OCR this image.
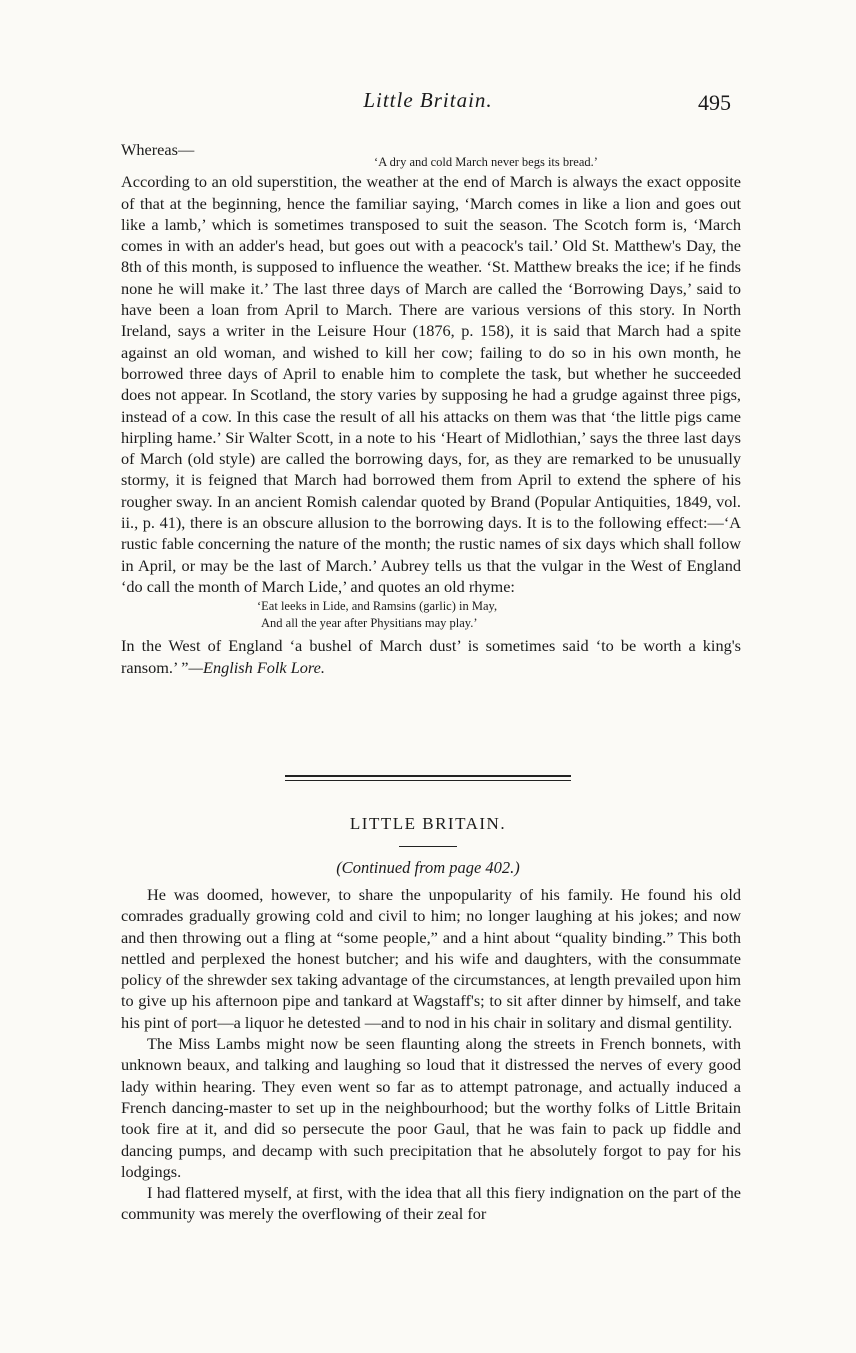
Little Britain.	495

Whereas—

‘A dry and cold March never begs its bread.’

According to an old superstition, the weather at the end of March is always the exact opposite of that at the beginning, hence the familiar saying, ‘March comes in like a lion and goes out like a lamb,’ which is sometimes transposed to suit the season. The Scotch form is, ‘March comes in with an adder's head, but goes out with a peacock's tail.’ Old St. Matthew's Day, the 8th of this month, is supposed to influence the weather. ‘St. Matthew breaks the ice; if he finds none he will make it.’ The last three days of March are called the ‘Borrowing Days,’ said to have been a loan from April to March. There are various versions of this story. In North Ireland, says a writer in the Leisure Hour (1876, p. 158), it is said that March had a spite against an old woman, and wished to kill her cow; failing to do so in his own month, he borrowed three days of April to enable him to complete the task, but whether he succeeded does not appear. In Scotland, the story varies by supposing he had a grudge against three pigs, instead of a cow. In this case the result of all his attacks on them was that ‘the little pigs came hirpling hame.’ Sir Walter Scott, in a note to his ‘Heart of Midlothian,’ says the three last days of March (old style) are called the borrowing days, for, as they are remarked to be unusually stormy, it is feigned that March had borrowed them from April to extend the sphere of his rougher sway. In an ancient Romish calendar quoted by Brand (Popular Antiquities, 1849, vol. ii., p. 41), there is an obscure allusion to the borrowing days. It is to the following effect:—‘A rustic fable concerning the nature of the month; the rustic names of six days which shall follow in April, or may be the last of March.’ Aubrey tells us that the vulgar in the West of England ‘do call the month of March Lide,’ and quotes an old rhyme:

‘Eat leeks in Lide, and Ramsins (garlic) in May,
And all the year after Physitians may play.’

In the West of England ‘a bushel of March dust’ is sometimes said ‘to be worth a king's ransom.’ ”—English Folk Lore.

LITTLE BRITAIN.
(Continued from page 402.)

He was doomed, however, to share the unpopularity of his family. He found his old comrades gradually growing cold and civil to him; no longer laughing at his jokes; and now and then throwing out a fling at “some people,” and a hint about “quality binding.” This both nettled and perplexed the honest butcher; and his wife and daughters, with the consummate policy of the shrewder sex taking advantage of the circumstances, at length prevailed upon him to give up his afternoon pipe and tankard at Wagstaff's; to sit after dinner by himself, and take his pint of port—a liquor he detested —and to nod in his chair in solitary and dismal gentility.

The Miss Lambs might now be seen flaunting along the streets in French bonnets, with unknown beaux, and talking and laughing so loud that it distressed the nerves of every good lady within hearing. They even went so far as to attempt patronage, and actually induced a French dancing-master to set up in the neighbourhood; but the worthy folks of Little Britain took fire at it, and did so persecute the poor Gaul, that he was fain to pack up fiddle and dancing pumps, and decamp with such precipitation that he absolutely forgot to pay for his lodgings.

I had flattered myself, at first, with the idea that all this fiery indignation on the part of the community was merely the overflowing of their zeal for
